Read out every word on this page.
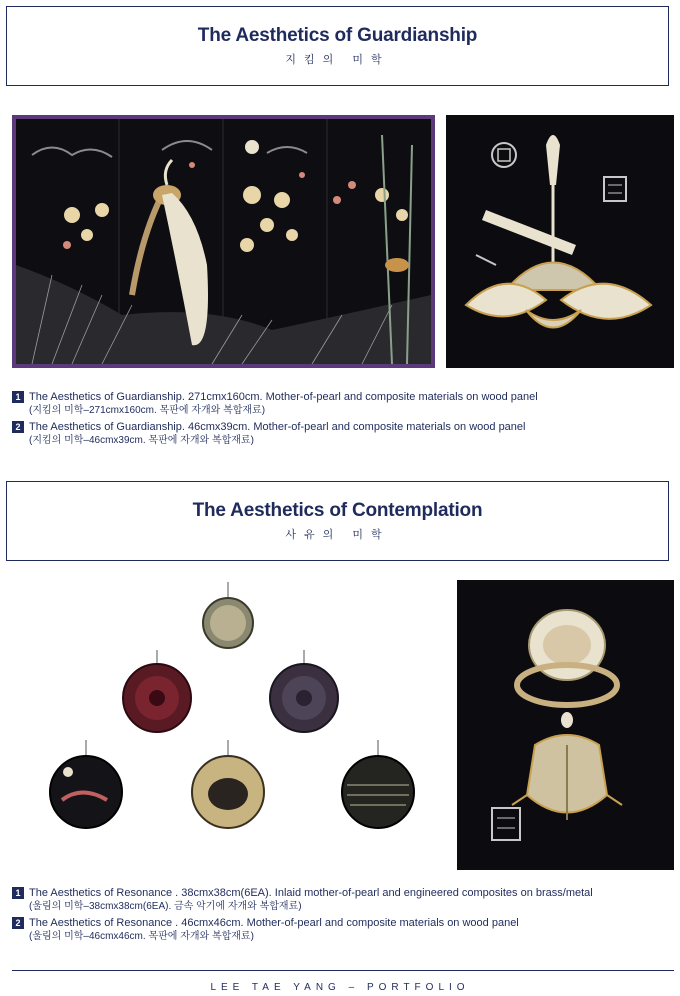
The Aesthetics of Guardianship
지킴의 미학
1 The Aesthetics of Guardianship. 271cmx160cm. Mother-of-pearl and composite materials on wood panel
(지킴의 미학–271cmx160cm. 목판에 자개와 복합재료)
2 The Aesthetics of Guardianship. 46cmx39cm. Mother-of-pearl and composite materials on wood panel
(지킴의 미학–46cmx39cm. 목판에 자개와 복합재료)
The Aesthetics of Contemplation
사유의 미학
1 The Aesthetics of Resonance . 38cmx38cm(6EA). Inlaid mother-of-pearl and engineered composites on brass/metal
(울림의 미학–38cmx38cm(6EA). 금속 악기에 자개와 복합재료)
2 The Aesthetics of Resonance . 46cmx46cm. Mother-of-pearl and composite materials on wood panel
(울림의 미학–46cmx46cm. 목판에 자개와 복합재료)
LEE TAE YANG – PORTFOLIO
